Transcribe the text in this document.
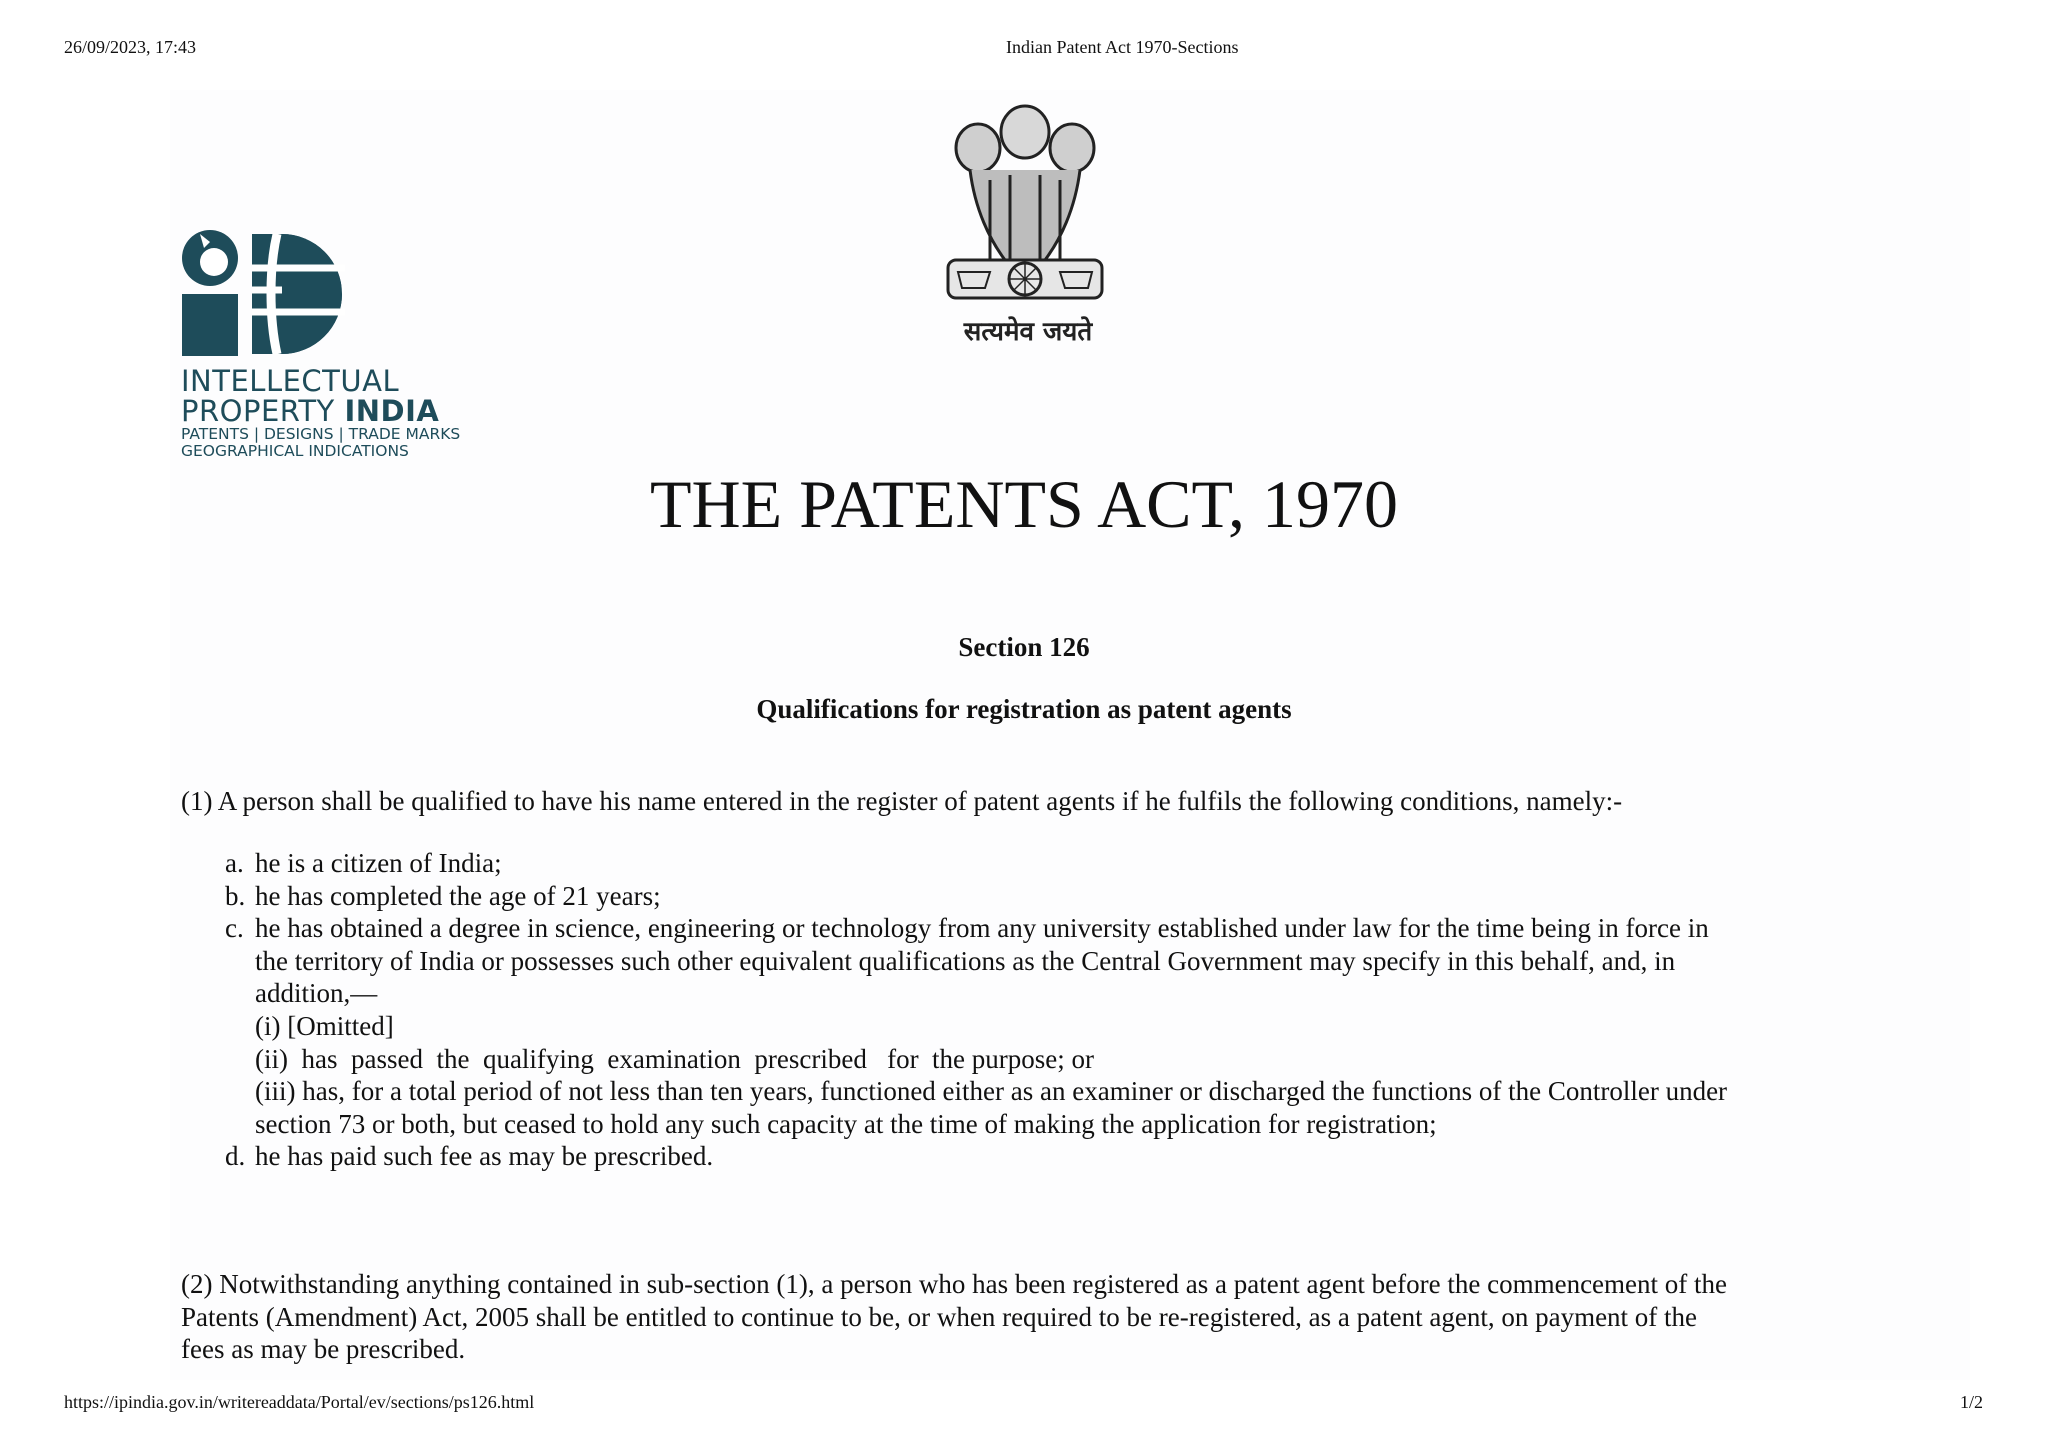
26/09/2023, 17:43	Indian Patent Act 1970-Sections
INTELLECTUAL
PROPERTY INDIA
PATENTS | DESIGNS | TRADE MARKS
GEOGRAPHICAL INDICATIONS
सत्यमेव जयते
THE PATENTS ACT, 1970
Section 126
Qualifications for registration as patent agents
(1) A person shall be qualified to have his name entered in the register of patent agents if he fulfils the following conditions, namely:-
a. he is a citizen of India;
b. he has completed the age of 21 years;
c. he has obtained a degree in science, engineering or technology from any university established under law for the time being in force in
the territory of India or possesses such other equivalent qualifications as the Central Government may specify in this behalf, and, in
addition,—
(i) [Omitted]
(ii)  has  passed  the  qualifying  examination  prescribed   for  the purpose; or
(iii) has, for a total period of not less than ten years, functioned either as an examiner or discharged the functions of the Controller under
section 73 or both, but ceased to hold any such capacity at the time of making the application for registration;
d. he has paid such fee as may be prescribed.
(2) Notwithstanding anything contained in sub-section (1), a person who has been registered as a patent agent before the commencement of the
Patents (Amendment) Act, 2005 shall be entitled to continue to be, or when required to be re-registered, as a patent agent, on payment of the
fees as may be prescribed.
https://ipindia.gov.in/writereaddata/Portal/ev/sections/ps126.html	1/2
